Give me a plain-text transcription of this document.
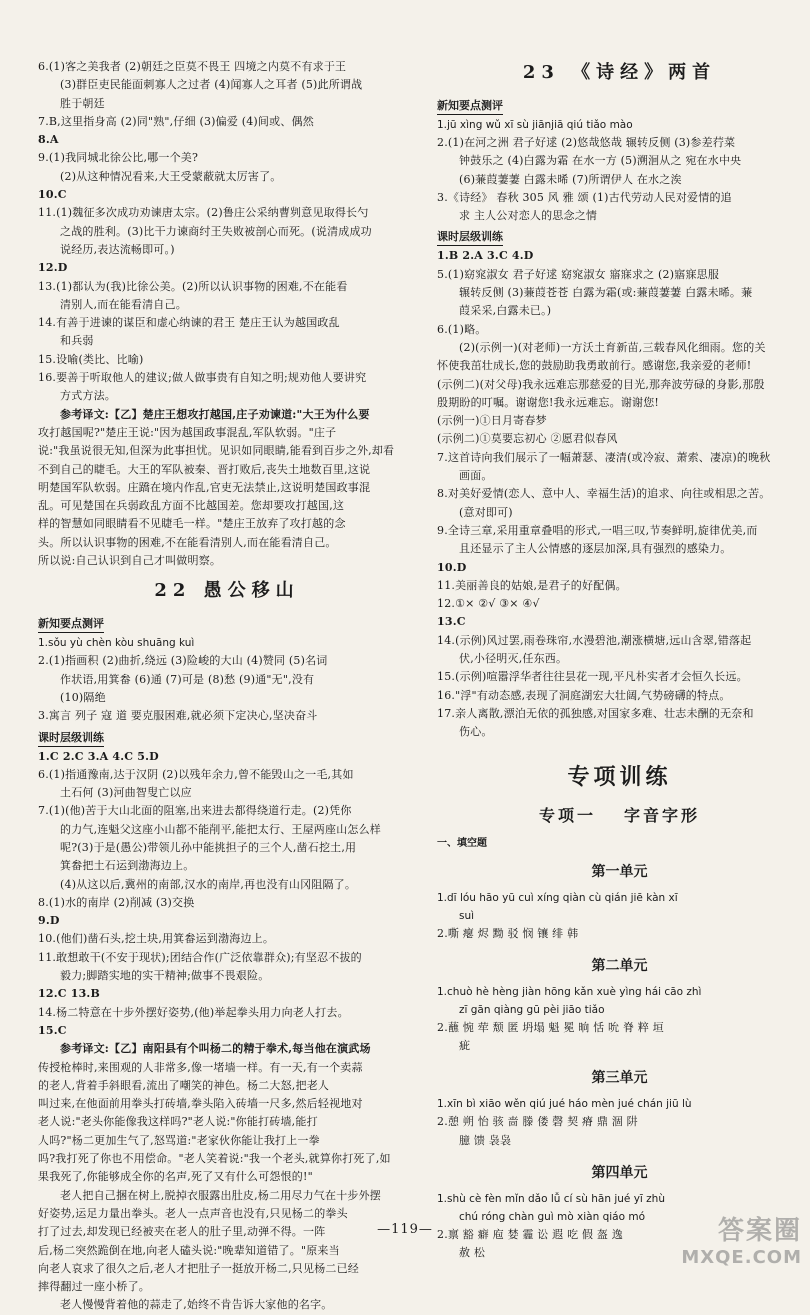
6.(1)客之美我者 (2)朝廷之臣莫不畏王 四境之内莫不有求于王
(3)群臣吏民能面刺寡人之过者 (4)闻寡人之耳者 (5)此所谓战
胜于朝廷
7.B,这里指身高 (2)同"熟",仔细 (3)偏爱 (4)间或、偶然
8.A
9.(1)我同城北徐公比,哪一个美?
(2)从这种情况看来,大王受蒙蔽就太厉害了。
10.C
11.(1)魏征多次成功劝谏唐太宗。(2)鲁庄公采纳曹刿意见取得长勺
之战的胜利。(3)比干力谏商纣王失败被剖心而死。(说清成成功
说经历,表达流畅即可。)
12.D
13.(1)都认为(我)比徐公美。(2)所以认识事物的困难,不在能看
清别人,而在能看清自己。
14.有善于进谏的谋臣和虚心纳谏的君王 楚庄王认为越国政乱
和兵弱
15.设喻(类比、比喻)
16.要善于听取他人的建议;做人做事贵有自知之明;规劝他人要讲究
方式方法。
参考译文:【乙】楚庄王想攻打越国,庄子劝谏道:"大王为什么要
攻打越国呢?"楚庄王说:"因为越国政事混乱,军队软弱。"庄子
说:"我虽说很无知,但深为此事担忧。见识如同眼睛,能看到百步之外,却看
不到自己的睫毛。大王的军队被秦、晋打败后,丧失土地数百里,这说
明楚国军队软弱。庄蹻在境内作乱,官吏无法禁止,这说明楚国政事混
乱。可见楚国在兵弱政乱方面不比越国差。您却要攻打越国,这
样的智慧如同眼睛看不见睫毛一样。"楚庄王放弃了攻打越的念
头。所以认识事物的困难,不在能看清别人,而在能看清自己。
所以说:自己认识到自己才叫做明察。
22 愚公移山
新知要点测评
1.sǒu yù chèn kòu shuāng kuì
2.(1)指画积 (2)曲折,绕远 (3)险峻的大山 (4)赞同 (5)名词
作状语,用箕畚 (6)通 (7)可是 (8)愁 (9)通"无",没有
(10)隔绝
3.寓言 列子 寇 道 要克服困难,就必须下定决心,坚决奋斗
课时层级训练
1.C 2.C 3.A 4.C 5.D
6.(1)指通豫南,达于汉阴 (2)以残年余力,曾不能毁山之一毛,其如
土石何 (3)河曲智叟亡以应
7.(1)(他)苦于大山北面的阻塞,出来进去都得绕道行走。(2)凭你
的力气,连魁父这座小山都不能削平,能把太行、王屋两座山怎么样
呢?(3)于是(愚公)带领儿孙中能挑担子的三个人,凿石挖土,用
箕畚把土石运到渤海边上。
(4)从这以后,冀州的南部,汉水的南岸,再也没有山冈阻隔了。
8.(1)水的南岸 (2)削减 (3)交换
9.D
10.(他们)凿石头,挖土块,用箕畚运到渤海边上。
11.敢想敢干(不安于现状);团结合作(广泛依靠群众);有坚忍不拔的
毅力;脚踏实地的实干精神;做事不畏艰险。
12.C 13.B
14.杨二特意在十步外摆好姿势,(他)举起拳头用力向老人打去。
15.C
参考译文:【乙】南阳县有个叫杨二的精于拳术,每当他在演武场
传授枪棒时,来围观的人非常多,像一堵墙一样。有一天,有一个卖蒜
的老人,背着手斜眼看,流出了嘲笑的神色。杨二大怒,把老人
叫过来,在他面前用拳头打砖墙,拳头陷入砖墙一尺多,然后轻视地对
老人说:"老头你能像我这样吗?"老人说:"你能打砖墙,能打
人吗?"杨二更加生气了,怒骂道:"老家伙你能让我打上一拳
吗?我打死了你也不用偿命。"老人笑着说:"我一个老头,就算你打死了,如
果我死了,你能够成全你的名声,死了又有什么可怨恨的!"
老人把自己捆在树上,脱掉衣服露出肚皮,杨二用尽力气在十步外摆
好姿势,运足力量出拳头。老人一点声音也没有,只见杨二的拳头
打了过去,却发现已经被夹在老人的肚子里,动弹不得。一阵
后,杨二突然跪倒在地,向老人磕头说:"晚辈知道错了。"原来当
向老人哀求了很久之后,老人才把肚子一挺放开杨二,只见杨二已经
摔得翻过一座小桥了。
老人慢慢背着他的蒜走了,始终不肯告诉大家他的名字。
23 《诗经》两首
新知要点测评
1.jū xìng wǔ xī sù jiānjiā qiú tiǎo mào
2.(1)在河之洲 君子好逑 (2)悠哉悠哉 辗转反侧 (3)参差荇菜
钟鼓乐之 (4)白露为霜 在水一方 (5)溯洄从之 宛在水中央
(6)蒹葭萋萋 白露未晞 (7)所谓伊人 在水之涘
3.《诗经》 春秋 305 风 雅 颂 (1)古代劳动人民对爱情的追
求 主人公对恋人的思念之情
课时层级训练
1.B 2.A 3.C 4.D
5.(1)窈窕淑女 君子好逑 窈窕淑女 寤寐求之 (2)寤寐思服
辗转反侧 (3)蒹葭苍苍 白露为霜(或:蒹葭萋萋 白露未晞。蒹
葭采采,白露未已。)
6.(1)略。
(2)(示例一)(对老师)一方沃土育新苗,三载春风化细雨。您的关
怀使我茁壮成长,您的鼓励助我勇敢前行。感谢您,我亲爱的老师!
(示例二)(对父母)我永远难忘那慈爱的目光,那奔波劳碌的身影,那殷
殷期盼的叮嘱。谢谢您!我永远难忘。谢谢您!
(示例一)①日月寄春梦
(示例二)①莫要忘初心 ②愿君似春风
7.这首诗向我们展示了一幅萧瑟、凄清(或冷寂、萧索、凄凉)的晚秋
画面。
8.对美好爱情(恋人、意中人、幸福生活)的追求、向往或相思之苦。
(意对即可)
9.全诗三章,采用重章叠唱的形式,一唱三叹,节奏鲜明,旋律优美,而
且还显示了主人公情感的逐层加深,具有强烈的感染力。
10.D
11.美丽善良的姑娘,是君子的好配偶。
12.①× ②√ ③× ④√
13.C
14.(示例)风过罢,雨卷珠帘,水漫碧池,潮涨横塘,远山含翠,错落起
伏,小径明灭,任东西。
15.(示例)喧嚣浮华者往往昙花一现,平凡朴实者才会恒久长远。
16."浮"有动态感,表现了洞庭湖宏大壮阔,气势磅礴的特点。
17.亲人离散,漂泊无依的孤独感,对国家多难、壮志未酬的无奈和
伤心。
专项训练
专项一 字音字形
一、填空题
第一单元
1.dī lóu hāo yū cuì xíng qiàn cù qián jiē kàn xī
suì
2.嘶 瘪 烬 黝 驳 悯 镶 绯 韩
第二单元
1.chuò hè hèng jiàn hōng kǎn xuè yìng hái cāo zhì
zī gān qiàng gū pèi jiāo tiǎo
2.蘸 惋 荦 颓 匿 坍塌 魁 冕 晌 恬 吮 脊 粹 垣
疵
第三单元
1.xīn bì xiāo wěn qiú jué háo mèn jué chán jiū lù
2.憩 朔 怡 骇 啬 滕 偻 磬 契 瘠 鼎 涸 阱
臆 馈 袅袅
第四单元
1.shù cè fèn mǐn dǎo lǚ cí sù hān jué yī zhù
chú róng chàn guì mò xiàn qiáo mó
2.禀 豁 癖 庖 婪 霾 讼 遐 吃 假 盔 逸
赦 松
—119—	答案圈
MXQE.COM
